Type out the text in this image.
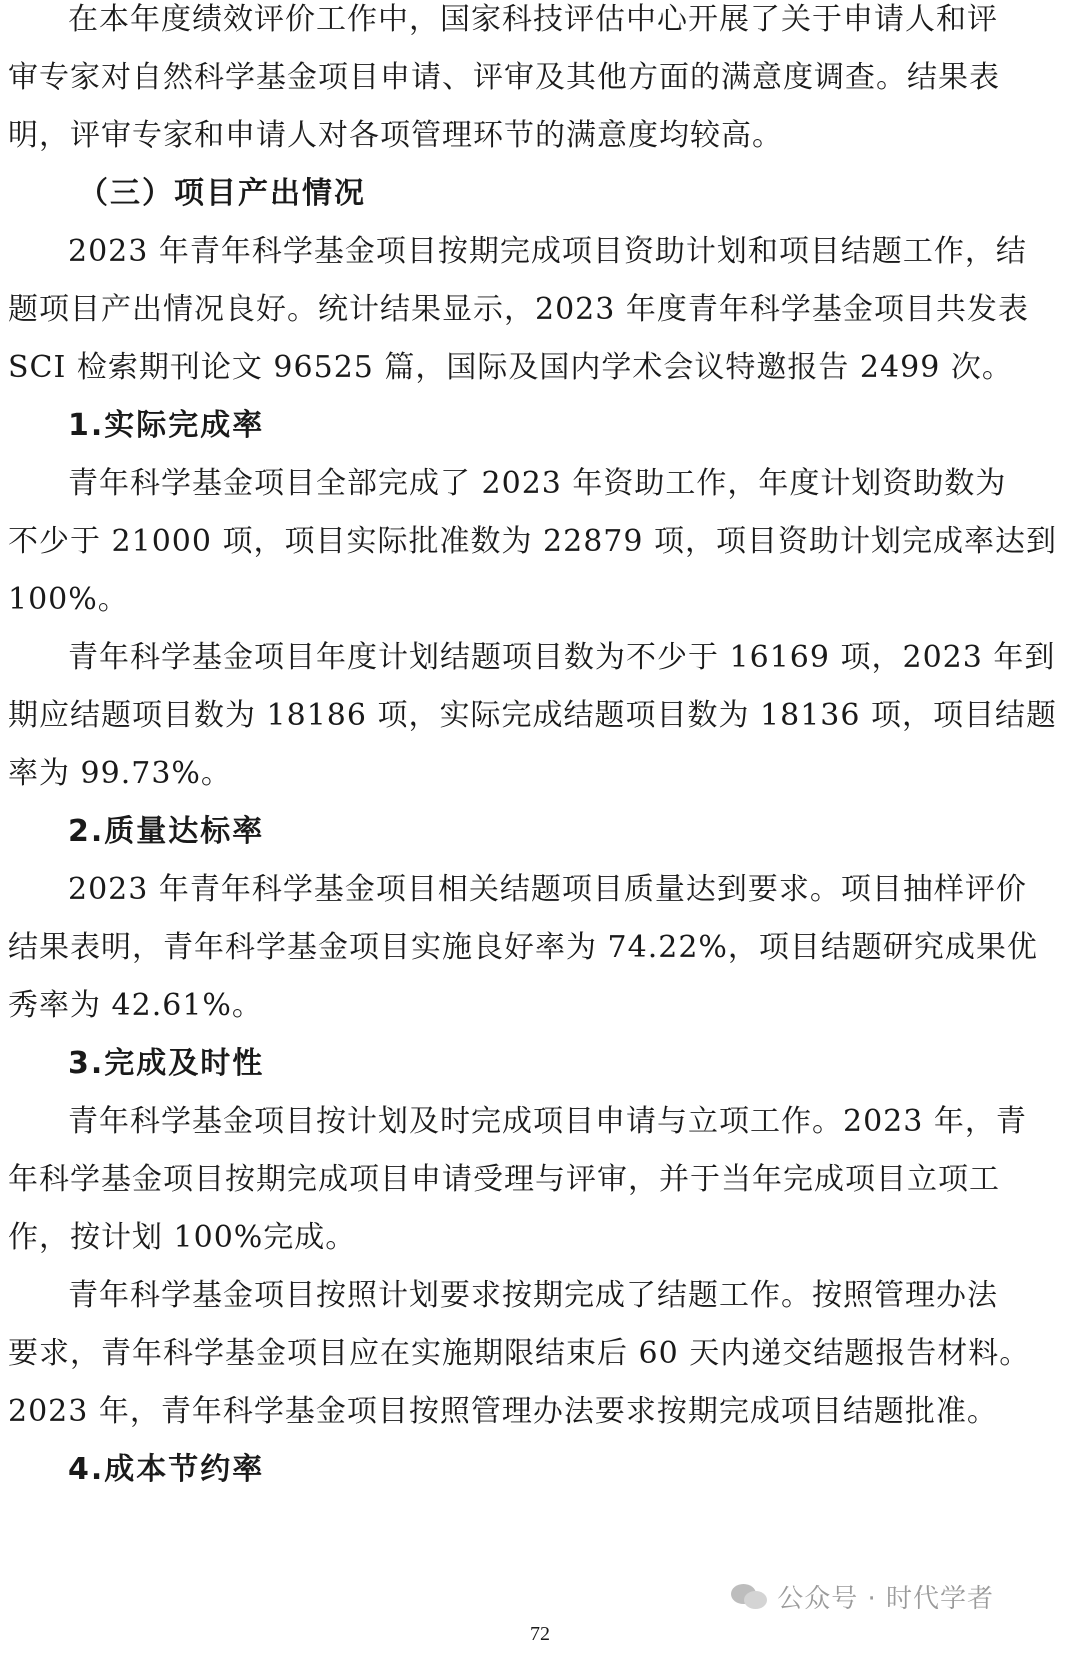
在本年度绩效评价工作中，国家科技评估中心开展了关于申请人和评
审专家对自然科学基金项目申请、评审及其他方面的满意度调查。结果表
明，评审专家和申请人对各项管理环节的满意度均较高。
（三）项目产出情况
2023 年青年科学基金项目按期完成项目资助计划和项目结题工作，结
题项目产出情况良好。统计结果显示，2023 年度青年科学基金项目共发表
SCI 检索期刊论文 96525 篇，国际及国内学术会议特邀报告 2499 次。
1.实际完成率
青年科学基金项目全部完成了 2023 年资助工作，年度计划资助数为
不少于 21000 项，项目实际批准数为 22879 项，项目资助计划完成率达到
100%。
青年科学基金项目年度计划结题项目数为不少于 16169 项，2023 年到
期应结题项目数为 18186 项，实际完成结题项目数为 18136 项，项目结题
率为 99.73%。
2.质量达标率
2023 年青年科学基金项目相关结题项目质量达到要求。项目抽样评价
结果表明，青年科学基金项目实施良好率为 74.22%，项目结题研究成果优
秀率为 42.61%。
3.完成及时性
青年科学基金项目按计划及时完成项目申请与立项工作。2023 年，青
年科学基金项目按期完成项目申请受理与评审，并于当年完成项目立项工
作，按计划 100%完成。
青年科学基金项目按照计划要求按期完成了结题工作。按照管理办法
要求，青年科学基金项目应在实施期限结束后 60 天内递交结题报告材料。
2023 年，青年科学基金项目按照管理办法要求按期完成项目结题批准。
4.成本节约率
公众号 · 时代学者
72
